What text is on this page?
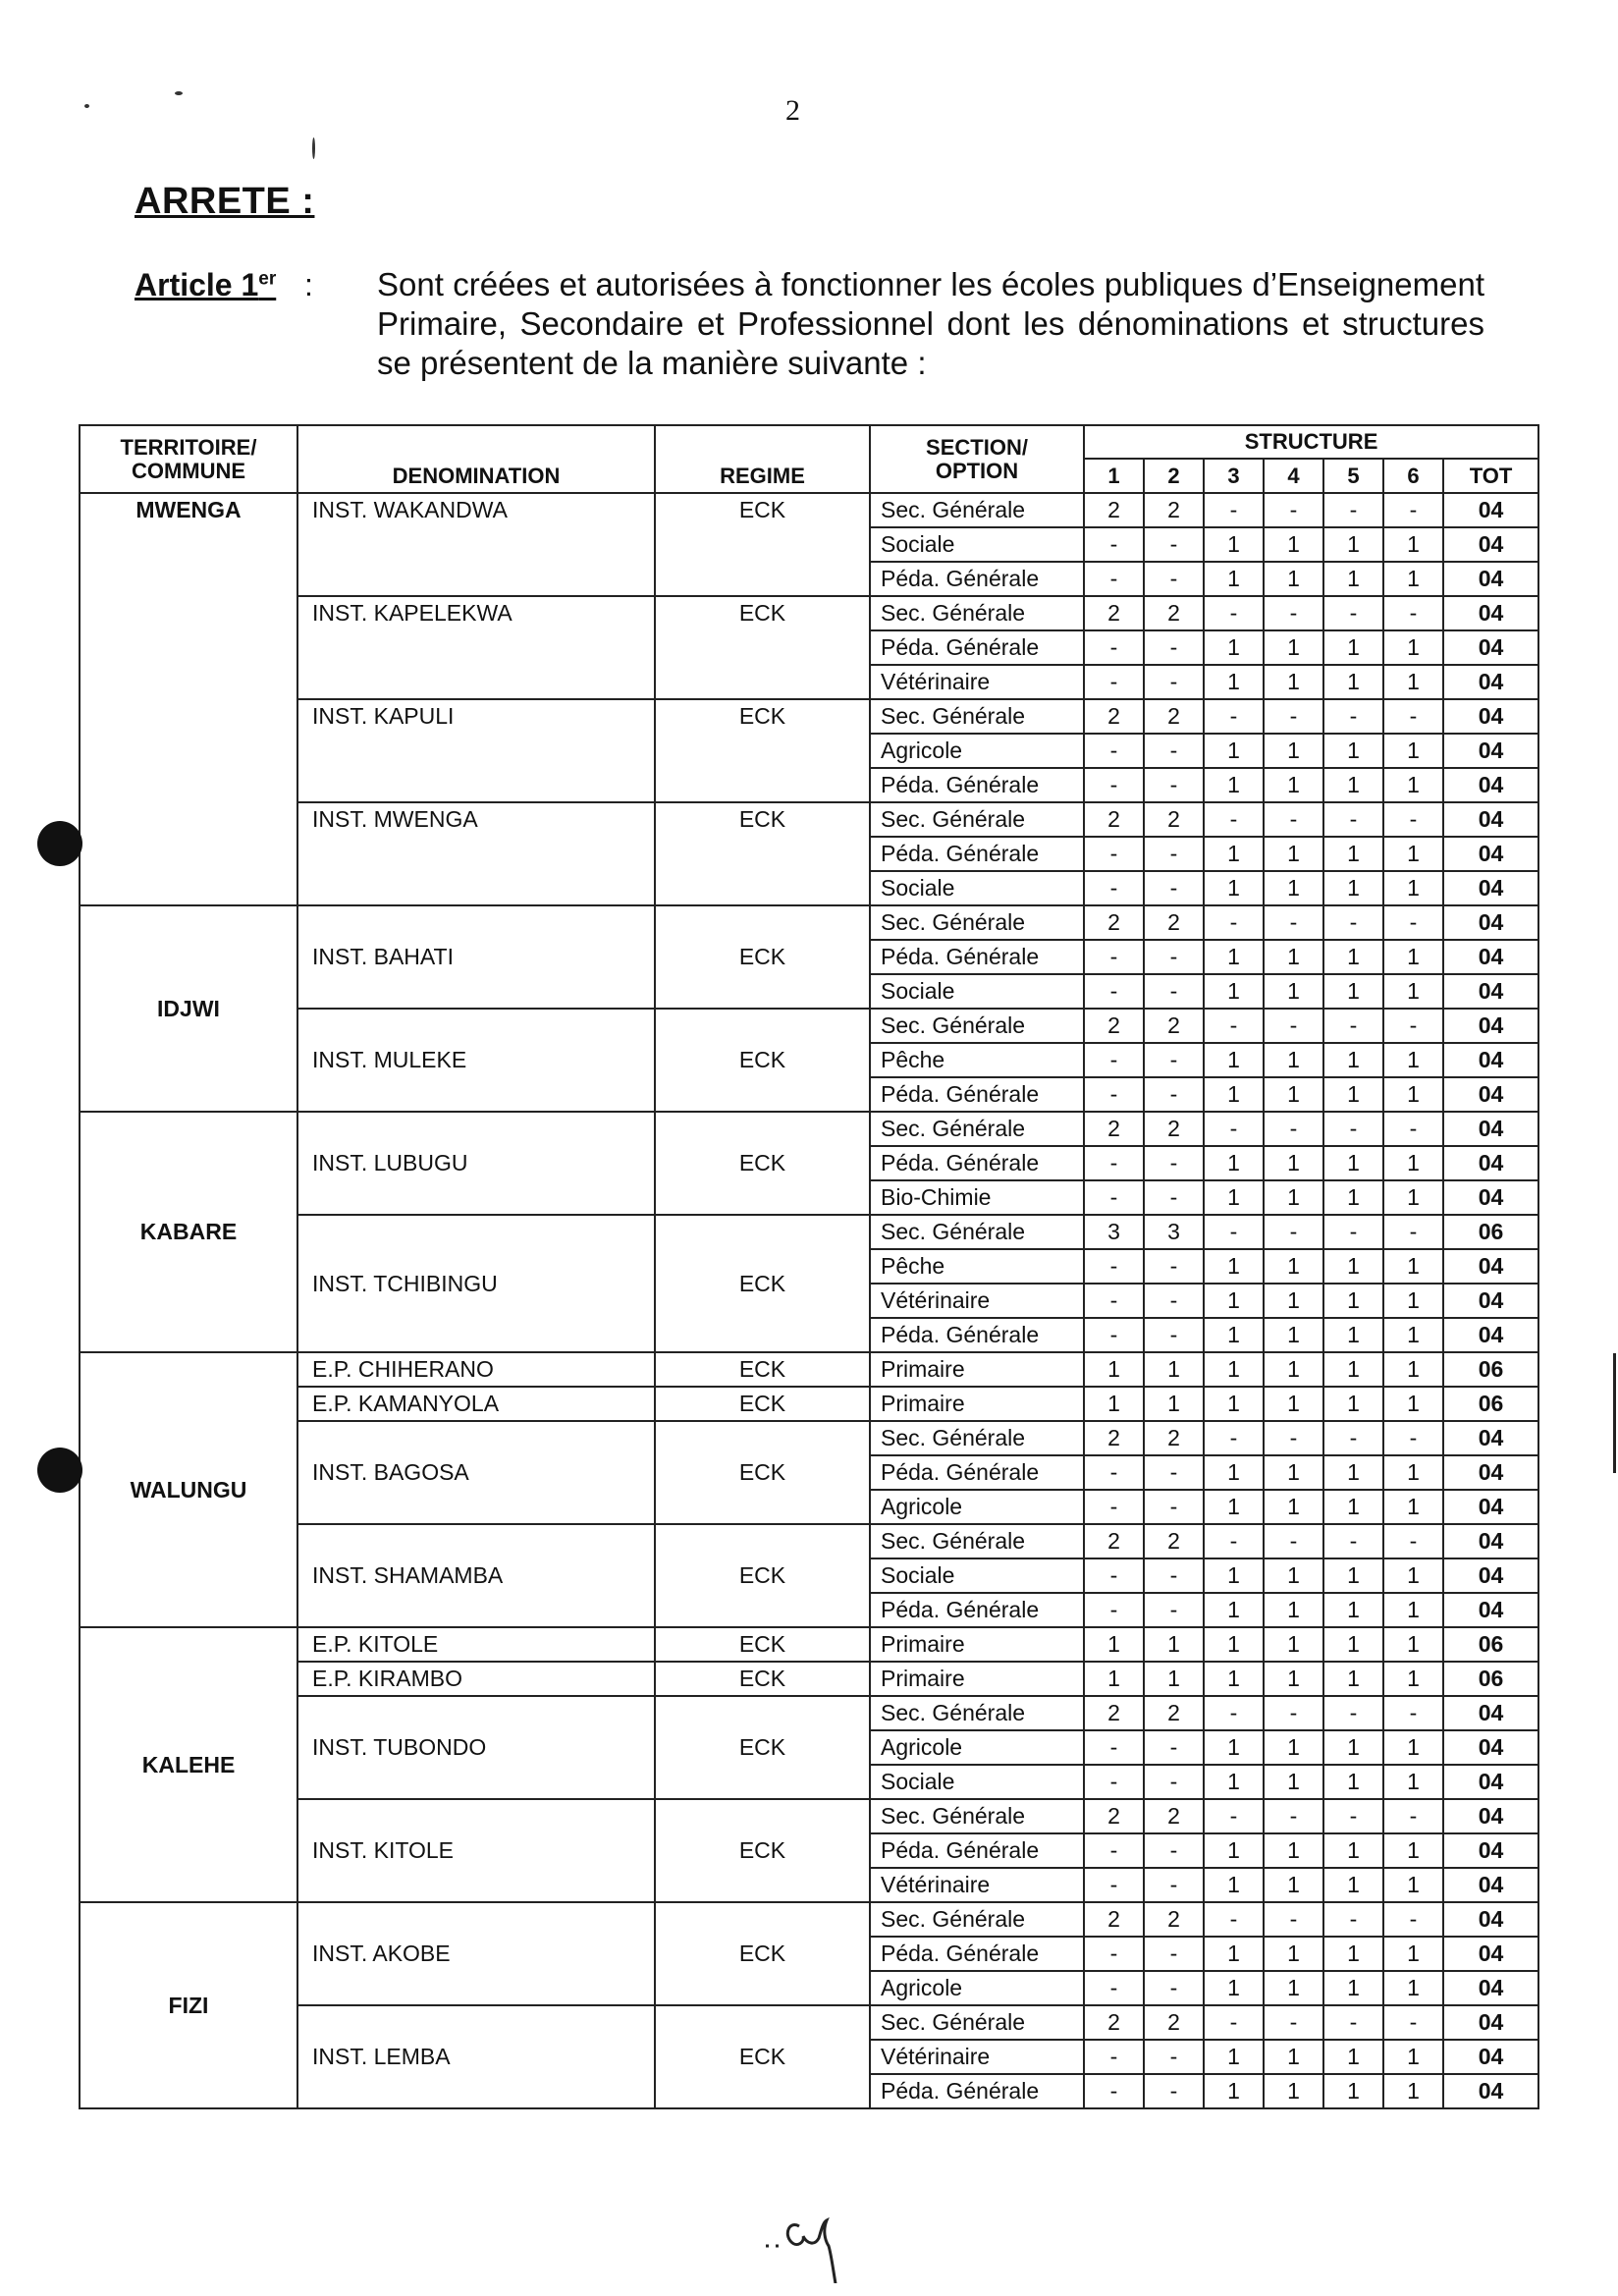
2
ARRETE :
Article 1er : Sont créées et autorisées à fonctionner les écoles publiques d’Enseignement Primaire, Secondaire et Professionnel dont les dénominations et structures se présentent de la manière suivante :
TERRITOIRE/ COMMUNE	DENOMINATION	REGIME	SECTION/ OPTION	STRUCTURE						
				1	2	3	4	5	6	TOT
MWENGA	INST. WAKANDWA	ECK	Sec. Générale	2	2	-	-	-	-	04
			Sociale	-	-	1	1	1	1	04
			Péda. Générale	-	-	1	1	1	1	04
	INST. KAPELEKWA	ECK	Sec. Générale	2	2	-	-	-	-	04
			Péda. Générale	-	-	1	1	1	1	04
			Vétérinaire	-	-	1	1	1	1	04
	INST. KAPULI	ECK	Sec. Générale	2	2	-	-	-	-	04
			Agricole	-	-	1	1	1	1	04
			Péda. Générale	-	-	1	1	1	1	04
	INST. MWENGA	ECK	Sec. Générale	2	2	-	-	-	-	04
			Péda. Générale	-	-	1	1	1	1	04
			Sociale	-	-	1	1	1	1	04
IDJWI	INST. BAHATI	ECK	Sec. Générale	2	2	-	-	-	-	04
			Péda. Générale	-	-	1	1	1	1	04
			Sociale	-	-	1	1	1	1	04
	INST. MULEKE	ECK	Sec. Générale	2	2	-	-	-	-	04
			Pêche	-	-	1	1	1	1	04
			Péda. Générale	-	-	1	1	1	1	04
KABARE	INST. LUBUGU	ECK	Sec. Générale	2	2	-	-	-	-	04
			Péda. Générale	-	-	1	1	1	1	04
			Bio-Chimie	-	-	1	1	1	1	04
	INST. TCHIBINGU	ECK	Sec. Générale	3	3	-	-	-	-	06
			Pêche	-	-	1	1	1	1	04
			Vétérinaire	-	-	1	1	1	1	04
			Péda. Générale	-	-	1	1	1	1	04
WALUNGU	E.P. CHIHERANO	ECK	Primaire	1	1	1	1	1	1	06
	E.P. KAMANYOLA	ECK	Primaire	1	1	1	1	1	1	06
	INST. BAGOSA	ECK	Sec. Générale	2	2	-	-	-	-	04
			Péda. Générale	-	-	1	1	1	1	04
			Agricole	-	-	1	1	1	1	04
	INST. SHAMAMBA	ECK	Sec. Générale	2	2	-	-	-	-	04
			Sociale	-	-	1	1	1	1	04
			Péda. Générale	-	-	1	1	1	1	04
KALEHE	E.P. KITOLE	ECK	Primaire	1	1	1	1	1	1	06
	E.P. KIRAMBO	ECK	Primaire	1	1	1	1	1	1	06
	INST. TUBONDO	ECK	Sec. Générale	2	2	-	-	-	-	04
			Agricole	-	-	1	1	1	1	04
			Sociale	-	-	1	1	1	1	04
	INST. KITOLE	ECK	Sec. Générale	2	2	-	-	-	-	04
			Péda. Générale	-	-	1	1	1	1	04
			Vétérinaire	-	-	1	1	1	1	04
FIZI	INST. AKOBE	ECK	Sec. Générale	2	2	-	-	-	-	04
			Péda. Générale	-	-	1	1	1	1	04
			Agricole	-	-	1	1	1	1	04
	INST. LEMBA	ECK	Sec. Générale	2	2	-	-	-	-	04
			Vétérinaire	-	-	1	1	1	1	04
			Péda. Générale	-	-	1	1	1	1	04
